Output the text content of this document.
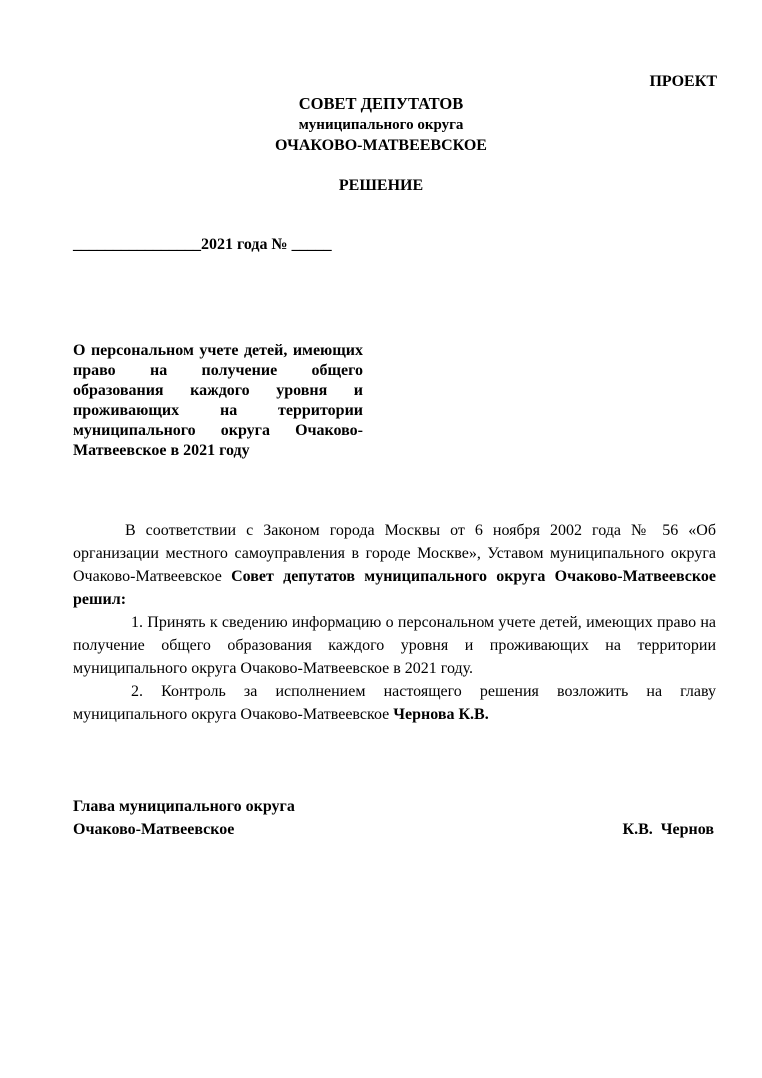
ПРОЕКТ
СОВЕТ ДЕПУТАТОВ
муниципального округа
ОЧАКОВО-МАТВЕЕВСКОЕ
РЕШЕНИЕ
________________2021 года № _____
О персональном учете детей, имеющих право на получение общего образования каждого уровня и проживающих на территории муниципального округа Очаково-Матвеевское в 2021 году

В соответствии с Законом города Москвы от 6 ноября 2002 года № 56 «Об организации местного самоуправления в городе Москве», Уставом муниципального округа Очаково-Матвеевское Совет депутатов муниципального округа Очаково-Матвеевское решил:

1. Принять к сведению информацию о персональном учете детей, имеющих право на получение общего образования каждого уровня и проживающих на территории муниципального округа Очаково-Матвеевское в 2021 году.

2. Контроль за исполнением настоящего решения возложить на главу муниципального округа Очаково-Матвеевское Чернова К.В.

Глава муниципального округа
Очаково-Матвеевское	К.В.  Чернов
